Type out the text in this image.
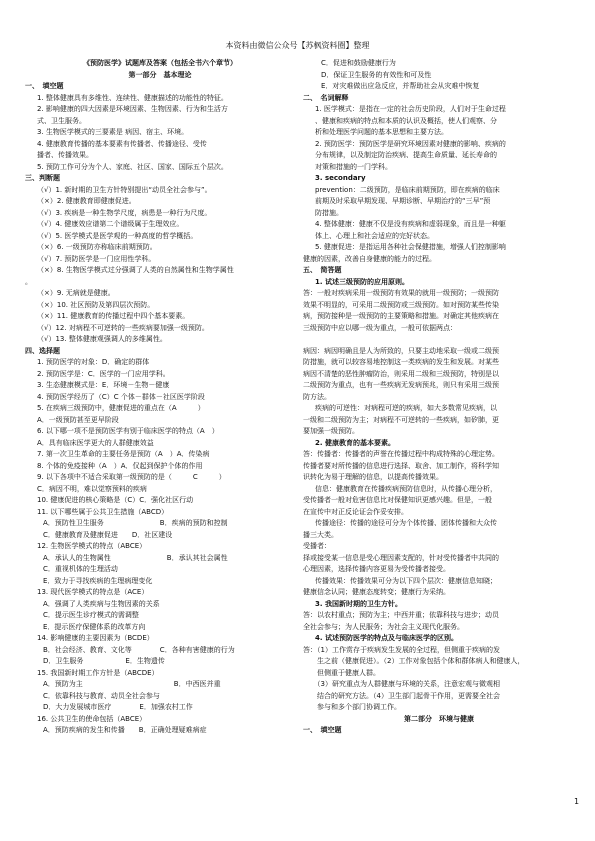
本资料由微信公众号【苏枫资料圈】整理
《预防医学》试题库及答案（包括全书六个章节）
第一部分　基本理论
一、　填空题
1. 整体健康具有多维性、连续性、健康描述的功能性的特征。
2. 影响健康的四大因素是环境因素、生物因素、行为和生活方
式、卫生服务。
3. 生物医学模式的三要素是 病因、宿主、环境。
4. 健康教育传播的基本要素有传播者、传播途径、受传
播者、传播效果。
5. 预防工作可分为个人、家庭、社区、国家、国际五个层次。
三、判断题
（√）1. 新时期的卫生方针特别提出“动员全社会参与”。
（×）2. 健康教育即健康促进。
（√）3. 疾病是一种生物学尺度，病患是一种行为尺度。
（√）4. 健康效应谱第二个谱级属于生理效应。
（√）5. 医学模式是医学观的一种高度的哲学概括。
（×）6. 一级预防亦称临床前期预防。
（√）7. 预防医学是一门应用性学科。
（×）8. 生物医学模式过分强调了人类的自然属性和生物学属性
。
（×）9. 无病就是健康。
（×）10. 社区预防及第四层次预防。
（×）11. 健康教育的传播过程中四个基本要素。
（√）12. 对病程不可逆转的一些疾病要加强一级预防。
（√）13. 整体健康观强调人的多维属性。
四、选择题
1. 预防医学的对象：D．确定的群体
2. 预防医学是：C．医学的一门应用学科。
3. 生态健康模式是：E．环境－生物－健康
4. 预防医学经历了（C）C 个体－群体－社区医学阶段
5. 在疾病三级预防中，健康促进的重点在（A　　　）
A．一级预防甚至更早阶段
6. 以下哪一项不是预防医学有别于临床医学的特点（A　）
A．具有临床医学更大的人群健康效益
7. 第一次卫生革命的主要任务是预防（A　）A．传染病
8. 个体的免疫接种（A　）A．仅起到保护个体的作用
9. 以下各项中不适合采取第一级预防的是（　　　C　　　）
C．病因不明，难以觉察预料的疾病
10. 健康促进的核心策略是（C）C．强化社区行动
11. 以下哪些属于公共卫生措施（ABCD）
A．预防性卫生服务　　　　　　　　B．疾病的预防和控制
C．健康教育及健康促进　　D．社区建设
12. 生物医学模式的特点（ABCE）
A．承认人的生物属性　　　　　　　　B．承认其社会属性
C．重视机体的生理活动
E．致力于寻找疾病的生理病理变化
13. 现代医学模式的特点是（ACE）
A．强调了人类疾病与生物因素的关系
C．提示医生诊疗模式的需调整
E．提示医疗保健体系的改革方向
14. 影响健康的主要因素为（BCDE）
B．社会经济、教育、文化等　　　　C．各种有害健康的行为
D．卫生服务　　　　　　E．生物遗传
15. 我国新时期工作方针是（ABCDE）
A．预防为主　　　　　　　　　　　　　B．中西医并重
C．依靠科技与教育、动员全社会参与
D．大力发展城市医疗　　　　E．加强农村工作
16. 公共卫生的使命包括（ABCE）
A．预防疾病的发生和传播　　B．正确处理疑难病症
C．促进和鼓励健康行为
D．保证卫生服务的有效性和可及性
E．对灾难做出应急反应，并帮助社会从灾难中恢复
二、　名词解释
1. 医学模式：是指在一定的社会历史阶段，人们对于生命过程
、健康和疾病的特点和本质的认识及概括，使人们观察、分
析和处理医学问题的基本思想和主要方法。
2. 预防医学：预防医学是研究环境因素对健康的影响、疾病的
分布规律，以及制定防治疾病、提高生命质量、延长寿命的
对策和措施的一门学科。
3. secondary
prevention：二级预防，是临床前期预防，即在疾病的临床
前期及时采取早期发现、早期诊断、早期治疗的“三早”预
防措施。
4. 整体健康：健康不仅是没有疾病和虚弱现象，而且是一种躯
体上、心理上和社会适应的完好状态。
5. 健康促进：是指运用各种社会保健措施，增强人们控制影响
健康的因素，改善自身健康的能力的过程。
五、　简答题
1. 试述三级预防的应用原则。
答：一般对疾病采用一级预防有效果的就用一级预防；一级预防
效果不明显的，可采用二级预防或三级预防。如对预防某些传染
病，预防接种是一级预防的主要策略和措施。对确定其他疾病在
三级预防中应以哪一级为重点，一般可依据两点：

病因：病因明确且是人为所致的，只要主动地采取一级或二级预
防措施，就可以较容易地控制这一类疾病的发生和发展。对某些
病因不清楚的恶性肿瘤防治，则采用二级和三级预防，特别是以
二级预防为重点，也有一些疾病无发病预兆，则只有采用三级预
防方法。
疾病的可逆性：对病程可逆的疾病，如大多数常见疾病，以
一级和二级预防为主；对病程不可逆转的一些疾病，如矽肺，更
要加强一级预防。
2. 健康教育的基本要素。
答：传播者：传播者的声誉在传播过程中构成特殊的心理定势。
传播者要对所传播的信息进行选择、取舍、加工制作，将科学知
识转化为易于理解的信息，以提高传播效果。
信息：健康教育在传播疾病预防信息时，从传播心理分析，
受传播者一般对危害信息比对保健知识更感兴趣。但是，一般
在宣传中对正反论证会作妥安排。
传播途径：传播的途径可分为个体传播、团体传播和大众传
播三大类。
受播者：
择或接受某一信息是受心理因素支配的，针对受传播者中共同的
心理因素，选择传播内容更易为受传播者接受。
传播效果：传播效果可分为以下四个层次：健康信息知晓；
健康信念认同；健康态度转变；健康行为采纳。
3. 我国新时期的卫生方针。
答：以农村重点；预防为主；中西并重；依靠科技与进步；动员
全社会参与；为人民服务；为社会主义现代化服务。
4. 试述预防医学的特点及与临床医学的区别。
答：（1）工作赏存于疾病发生发展的全过程，但侧重于疾病的发
　　生之前（健康促进）。（2）工作对象包括个体和群体病人和健康人，
　　但侧重于健康人群。
　　（3）研究重点为人群健康与环境的关系，注意宏观与微观相
　　结合的研究方法。（4）卫生部门起骨干作用，更需要全社会
　　参与和多个部门协调工作。
第二部分　环境与健康
一、　填空题
1
